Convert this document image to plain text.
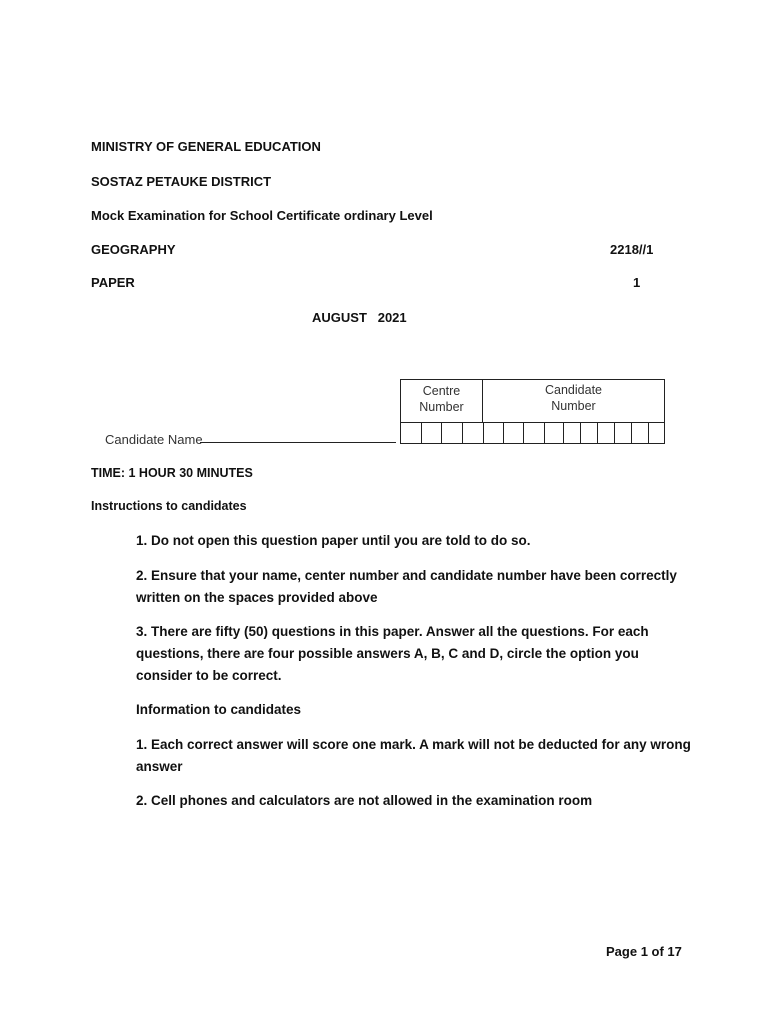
MINISTRY OF GENERAL EDUCATION
SOSTAZ PETAUKE DISTRICT
Mock Examination for School Certificate ordinary Level
GEOGRAPHY	2218//1
PAPER	1
AUGUST   2021
Centre
Number
Candidate
Number
Candidate Name
TIME: 1 HOUR 30 MINUTES
Instructions to candidates
1. Do not open this question paper until you are told to do so.
2. Ensure that your name, center number and candidate number have been correctly written on the spaces provided above
3. There are fifty (50) questions in this paper. Answer all the questions. For each questions, there are four possible answers A, B, C and D, circle the option you consider to be correct.
Information to candidates
1. Each correct answer will score one mark. A mark will not be deducted for any wrong answer
2. Cell phones and calculators are not allowed in the examination room
Page 1 of 17
